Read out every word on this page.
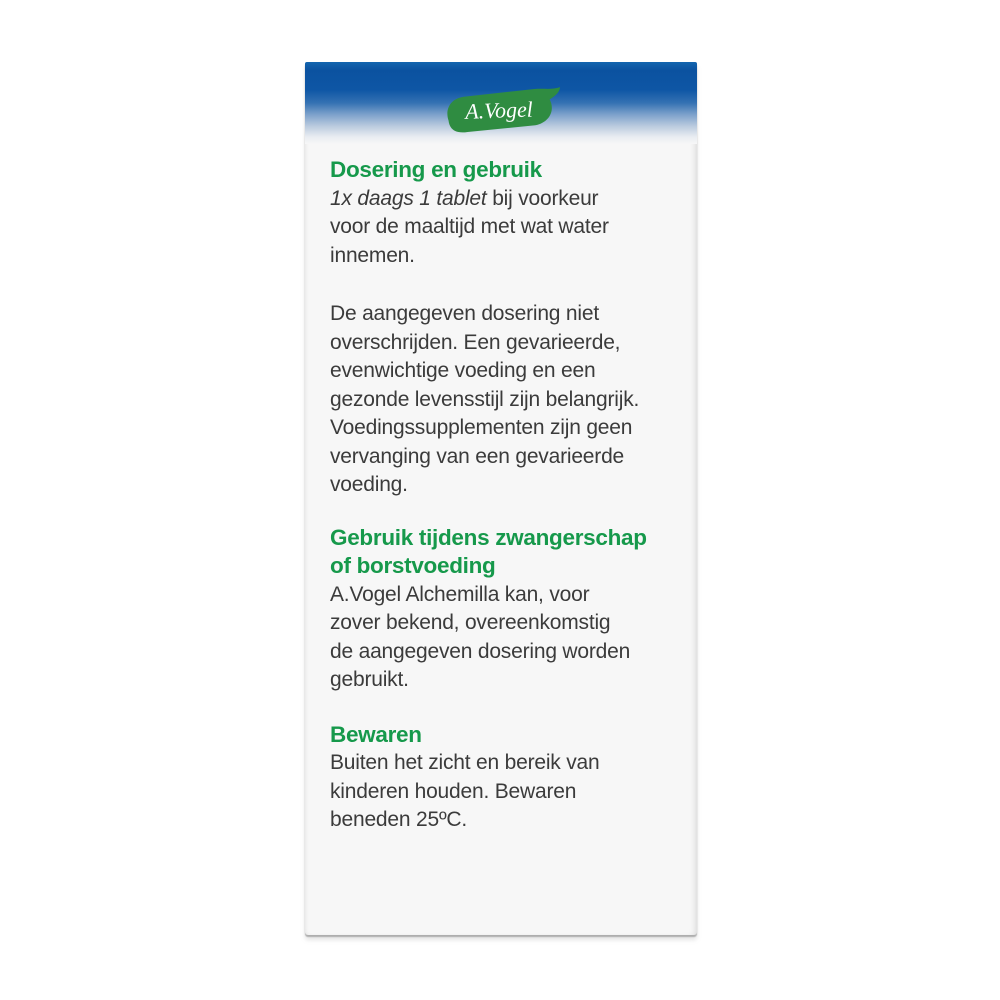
A.Vogel
Dosering en gebruik

1x daags 1 tablet bij voorkeur
voor de maaltijd met wat water
innemen.

De aangegeven dosering niet
overschrijden. Een gevarieerde,
evenwichtige voeding en een
gezonde levensstijl zijn belangrijk.
Voedingssupplementen zijn geen
vervanging van een gevarieerde
voeding.

Gebruik tijdens zwangerschap
of borstvoeding

A.Vogel Alchemilla kan, voor
zover bekend, overeenkomstig
de aangegeven dosering worden
gebruikt.

Bewaren

Buiten het zicht en bereik van
kinderen houden. Bewaren
beneden 25ºC.
